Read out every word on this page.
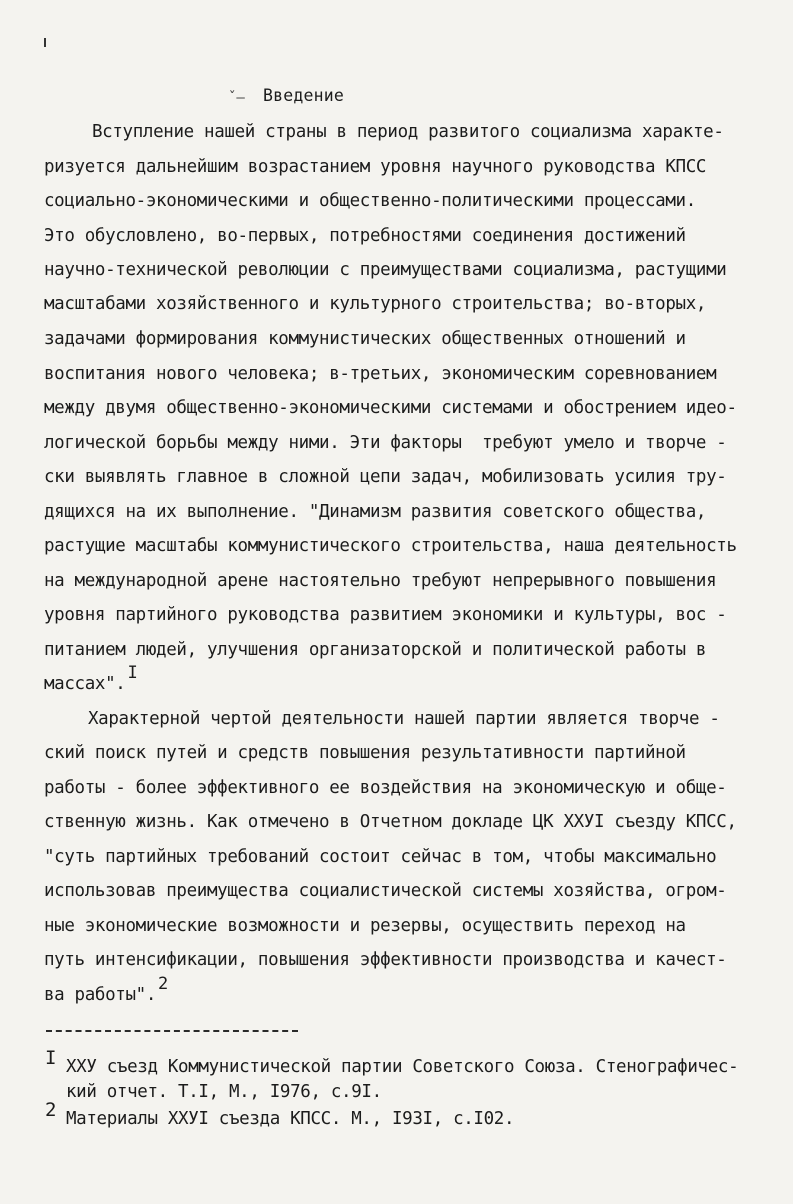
ˇ​– Введение
Вступление нашей страны в период развитого социализма характе-
ризуется дальнейшим возрастанием уровня научного руководства КПСС
социально-экономическими и общественно-политическими процессами.
Это обусловлено, во-первых, потребностями соединения достижений
научно-технической революции с преимуществами социализма, растущими
масштабами хозяйственного и культурного строительства; во-вторых,
задачами формирования коммунистических общественных отношений и
воспитания нового человека; в-третьих, экономическим соревнованием
между двумя общественно-экономическими системами и обострением идео-
логической борьбы между ними. Эти факторы  требуют умело и творче -
ски выявлять главное в сложной цепи задач, мобилизовать усилия тру-
дящихся на их выполнение. "Динамизм развития советского общества,
растущие масштабы коммунистического строительства, наша деятельность
на международной арене настоятельно требуют непрерывного повышения
уровня партийного руководства развитием экономики и культуры, вос -
питанием людей, улучшения организаторской и политической работы в
массах".I
Характерной чертой деятельности нашей партии является творче -
ский поиск путей и средств повышения результативности партийной
работы - более эффективного ее воздействия на экономическую и обще-
ственную жизнь. Как отмечено в Отчетном докладе ЦК XXУI съезду КПСС,
"суть партийных требований состоит сейчас в том, чтобы максимально
использовав преимущества социалистической системы хозяйства, огром-
ные экономические возможности и резервы, осуществить переход на
путь интенсификации, повышения эффективности производства и качест-
ва работы".2
I XXУ съезд Коммунистической партии Советского Союза. Стенографичес-
кий отчет. Т.I, М., I976, с.9I.
2 Материалы XXУI съезда КПСС. М., I93I, с.I02.
